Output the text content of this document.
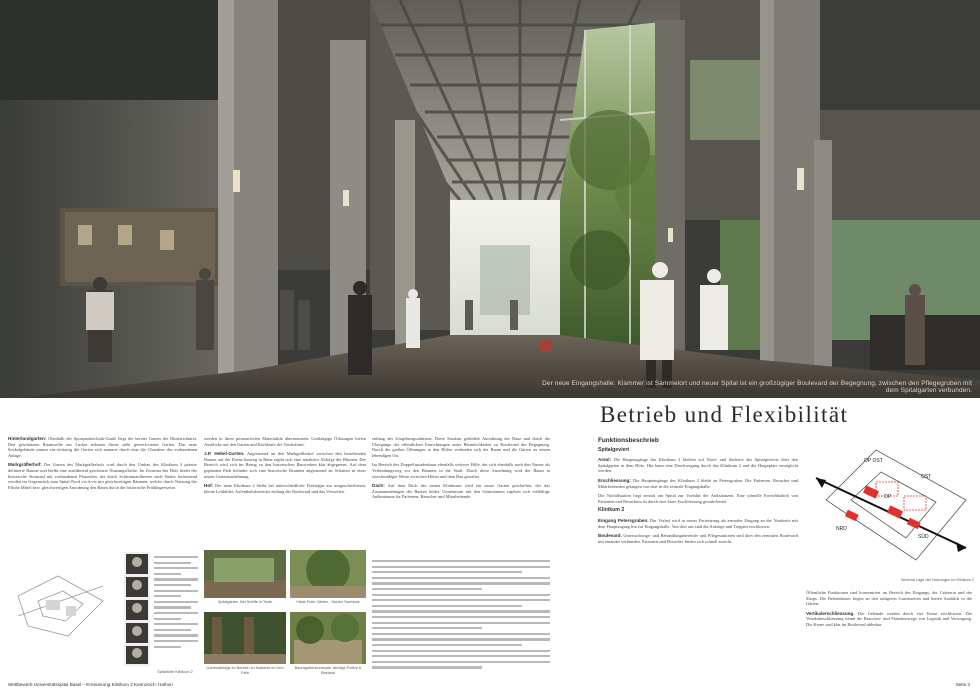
Der neue Eingangshalle: Klammer ist Sammelort und neuer Spital ist ein großzügiger Boulevard der Begegnung, zwischen den Pflegegruben mit dem Spitalgarten verbunden.
Betrieb und Flexibilität

Hinterlandgarten: Oberhalb der Sportparktechnik-Garde liegt der bereits Garten der Hinterrichtarzt. Den geschützten Raumwelle aus Lücker nehmen dieser steht gewerk-tierter Garten. Das neue Sockelgebäude nimmt ein-/trittartig die Garten sich anmutet durch eine die Charakter des vorhandenen Anlage.

Markgräflerhof: Der Garten des Markgräflerhofs wird durch den Umbau des Klinikum 2 präzise definierte Raume und bleibt eine ausführend geschützte Nutzungsfläche. Im Zentrum des Hofs findet der historische Steinsaal mit vorhandenen Platzerlen, der durch Schirmmaulbeeren nach Süden fortsetzend werden im Gegenstück zum Spital-Nord vis-à-vis mit gleichwertigen Bäumen, welche durch Nutzung der Fläche Mittel bzw. gleichwertigen Anordnung den Raum durch die historische Frühlingerweise.

Spitalhöfe Klinikum 2

werden in ihren prononcierten Materialität übernommen. Großzügige Öffnungen bieten Ausblicke auf den Garten und Bachläufe der Vorderfront.

J.P. Hebel-Garten. Angrenzend an den Markgräflerhof zwischen den bestehenden Bauten auf der Ebene hinweg in Ruhe ergibt sich eine attraktive Abfolge der Blumen. Der Bereich wird sich im Bezug zu den historischen Bauwerken klar abgegrenzt. Auf dem geplanten Park befindet sich eine historische Brunnen angrenzend an Schatten in einer neuen Gartenausdehnung.

Hof: Der neue Klinikum 2 bleibt bei unterschiedliche Freitreppe aus umgeschriebenen, kleine Leitbilder, Aufenthaltsbereiche entlang der Boulevard und das Verweilen.

Spitalgärten, Bei Sciliffe in Teufe	Vitale Freie Gärten - Garten Sachlose
Gartenabfolge im Bereich zu Kastanie im Drei Felle
Baumgartenkonzepte, Abfolge Poetry & Bestand

entlang des Umgebungsrahmens. Diese Struktur gebildete Anordnung der Baue und durch die Übergänge der öffentlichen Einrichtungen unter Räumlichkeiten zu Boulevard der Begegnung. Durch die großen Öffnungen in den Höfen verbinden sich der Raum und die Gärten zu einem lebendigen Ort.

Im Bereich des Doppelfassadenbaus ebenfalls weiterer Hilfe, der sich ebenfalls nach den Nutzer als Verbindungsweg vor den Bäumen in die Stadt. Durch diese Anordnung wird der Raum in zweckmäßiger Weise zwischen Höfen und dem Bau gestaltet.

Dach: Auf dem Dach des neuen Klinikums wird ein neuer Garten geschaffen, der das Zusammenhängen der Bauten bildet. Gemeinsam mit den Grünräumen ergeben sich vielfältige Außenräume für Patienten, Besucher und Mitarbeitende.

Funktionsbeschrieb
Spitalgeviert

Areal: Die Hauptzugänge des Klinikum 2 bleiben auf Nord- und Südseite des Spitalgevierts über den Spitalgarten in dem Höfe. Hin kann eine Durchwegung durch das Klinikum 2 und die Hauptplatz ermöglicht werden.

Erschliessung: Die Haupteingänge des Klinikum 2 bleibt an Petersgraben. Die Patienten, Besucher und Mitarbeitenden gelangen von dort in die zentrale Eingangshalle.

Die Notfallstation liegt zentral am Spital zur Vorfahrt der Ambulanzen. Eine schnelle Erreichbarkeit von Patienten und Besuchern ist durch eine klare Erschliessung gewährleistet.

Klinikum 2

Eingang Petersgraben. Der Vorhof wird in seiner Fortsetzung als zentraler Eingang an der Nordseite mit dem Hauptzugang hin zur Eingangshalle. Von dort aus sind die Aufzüge und Treppen erschlossen.

Boulevard. Untersuchungs- und Behandlungsbereiche und Pflegestationen sind über den zentralen Boulevard mit einander verbunden. Patienten und Besucher finden sich schnell zurecht.

OP OST
OST
NRD
OP
SÜD
Schema Lage der Nutzungen im Klinikum 2

Öffentliche Funktionen sind konzentriert im Bereich des Eingangs, der Cafeteria und der Shops. Die Bettenhäuser liegen an den ruhigeren Gartenseiten und bieten Ausblick in die Gärten.

Vertikalerschliessung. Die Gebäude werden durch vier Kerne erschlossen. Die Vertikalerschliessung trennt die Besucher- und Patientenwege von Logistik und Versorgung. Die Kerne sind klar im Boulevard ablesbar.

Wettbewerb Universitätsspital Basel – Erneuerung Klinikum 2 Kennzeich: Hathori	Seite 3
